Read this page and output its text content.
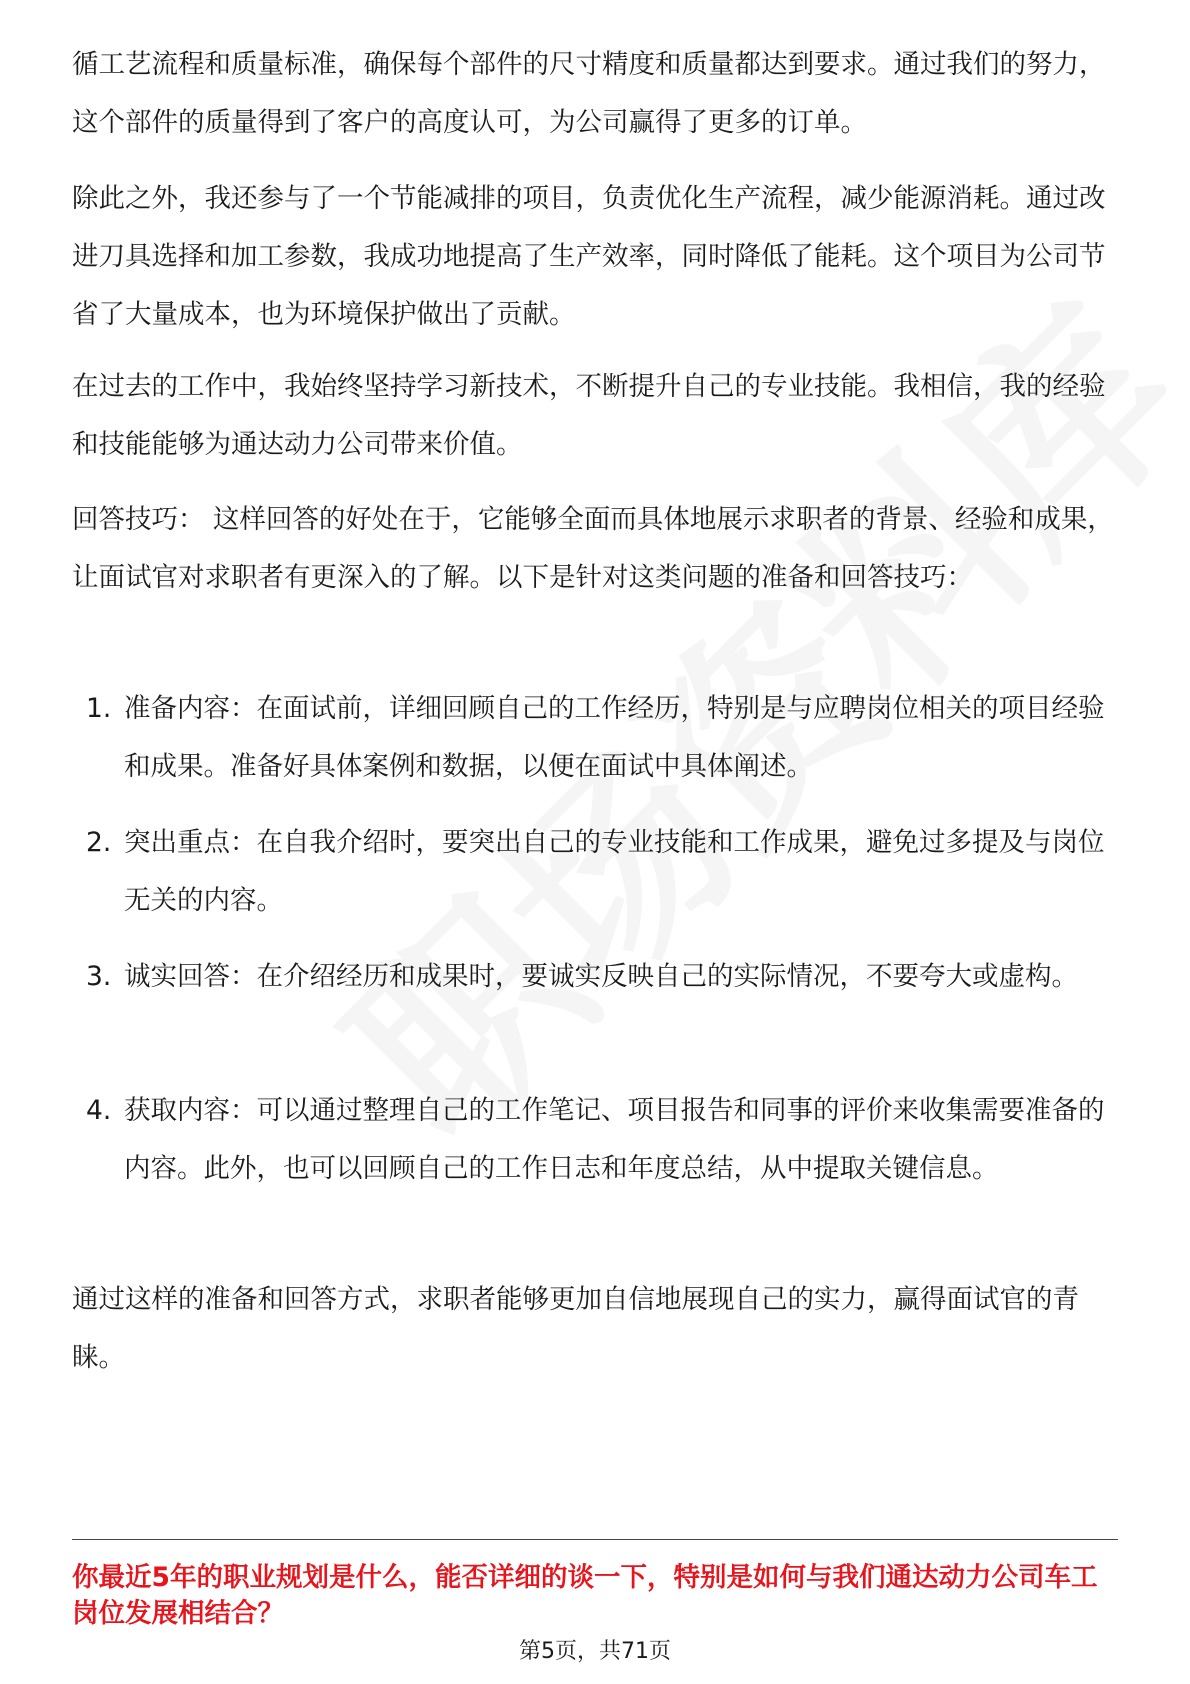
循工艺流程和质量标准，确保每个部件的尺寸精度和质量都达到要求。通过我们的努力，这个部件的质量得到了客户的高度认可，为公司赢得了更多的订单。

除此之外，我还参与了一个节能减排的项目，负责优化生产流程，减少能源消耗。通过改进刀具选择和加工参数，我成功地提高了生产效率，同时降低了能耗。这个项目为公司节省了大量成本，也为环境保护做出了贡献。

在过去的工作中，我始终坚持学习新技术，不断提升自己的专业技能。我相信，我的经验和技能能够为通达动力公司带来价值。

回答技巧： 这样回答的好处在于，它能够全面而具体地展示求职者的背景、经验和成果，让面试官对求职者有更深入的了解。以下是针对这类问题的准备和回答技巧：

1. 准备内容：在面试前，详细回顾自己的工作经历，特别是与应聘岗位相关的项目经验和成果。准备好具体案例和数据，以便在面试中具体阐述。
2. 突出重点：在自我介绍时，要突出自己的专业技能和工作成果，避免过多提及与岗位无关的内容。
3. 诚实回答：在介绍经历和成果时，要诚实反映自己的实际情况，不要夸大或虚构。
4. 获取内容：可以通过整理自己的工作笔记、项目报告和同事的评价来收集需要准备的内容。此外，也可以回顾自己的工作日志和年度总结，从中提取关键信息。

通过这样的准备和回答方式，求职者能够更加自信地展现自己的实力，赢得面试官的青睐。

你最近5年的职业规划是什么，能否详细的谈一下，特别是如何与我们通达动力公司车工岗位发展相结合？

第5页，共71页
